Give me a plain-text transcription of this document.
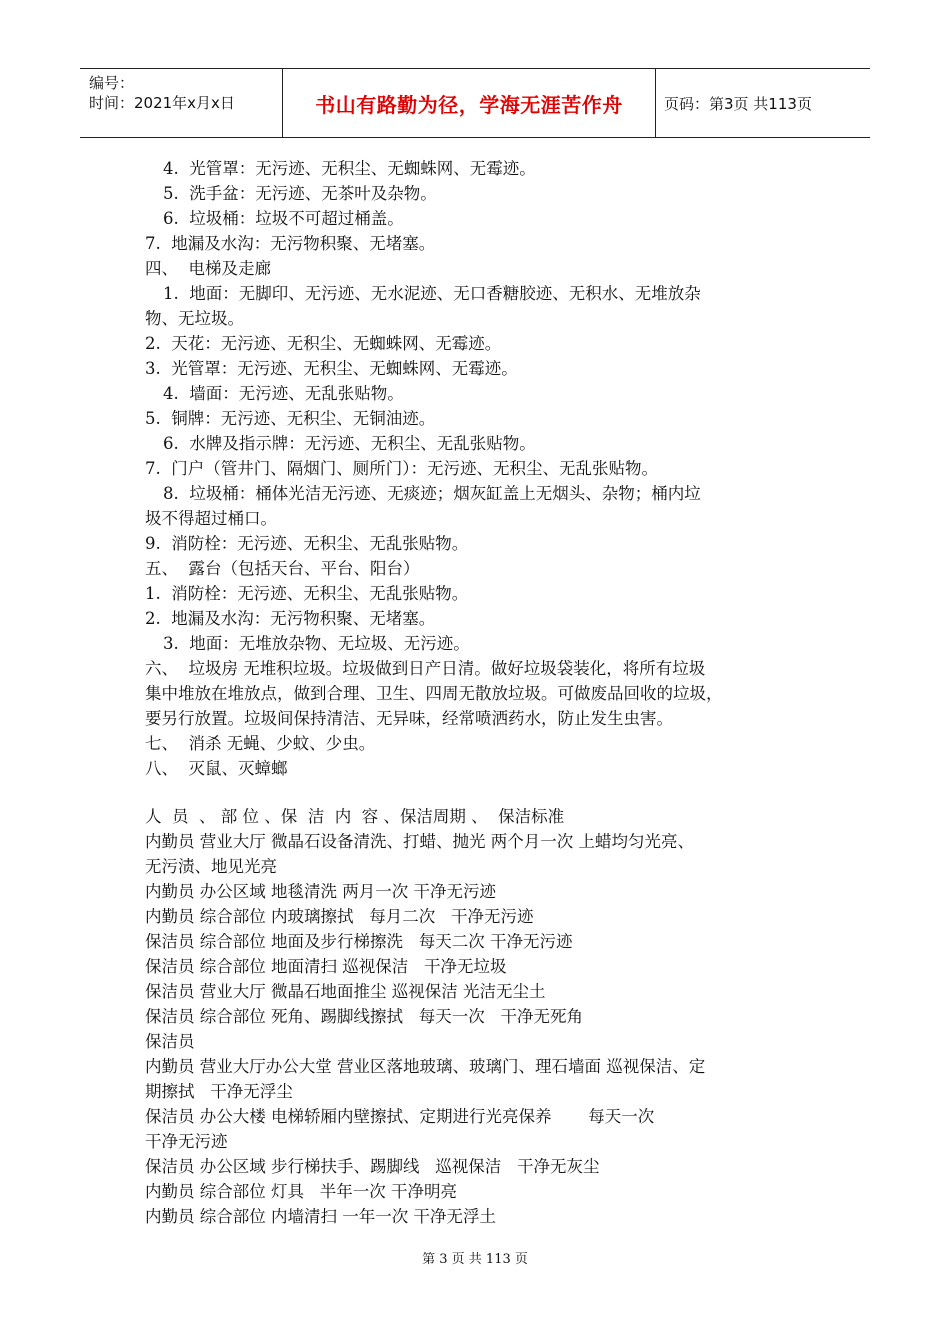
编号：
时间：2021年x月x日	书山有路勤为径，学海无涯苦作舟	页码：第3页 共113页
4.  光管罩：无污迹、无积尘、无蜘蛛网、无霉迹。
5.  洗手盆：无污迹、无茶叶及杂物。
6.  垃圾桶：垃圾不可超过桶盖。
7.  地漏及水沟：无污物积聚、无堵塞。
四、  电梯及走廊
1.  地面：无脚印、无污迹、无水泥迹、无口香糖胶迹、无积水、无堆放杂
物、无垃圾。
2.  天花：无污迹、无积尘、无蜘蛛网、无霉迹。
3.  光管罩：无污迹、无积尘、无蜘蛛网、无霉迹。
4.  墙面：无污迹、无乱张贴物。
5.  铜牌：无污迹、无积尘、无铜油迹。
6.  水牌及指示牌：无污迹、无积尘、无乱张贴物。
7.  门户（管井门、隔烟门、厕所门）：无污迹、无积尘、无乱张贴物。
8.  垃圾桶：桶体光洁无污迹、无痰迹；烟灰缸盖上无烟头、杂物；桶内垃
圾不得超过桶口。
9.  消防栓：无污迹、无积尘、无乱张贴物。
五、  露台（包括天台、平台、阳台）
1.  消防栓：无污迹、无积尘、无乱张贴物。
2.  地漏及水沟：无污物积聚、无堵塞。
3.  地面：无堆放杂物、无垃圾、无污迹。
六、  垃圾房 无堆积垃圾。垃圾做到日产日清。做好垃圾袋装化，将所有垃圾
集中堆放在堆放点，做到合理、卫生、四周无散放垃圾。可做废品回收的垃圾，
要另行放置。垃圾间保持清洁、无异味，经常喷洒药水，防止发生虫害。
七、  消杀 无蝇、少蚊、少虫。
八、  灭鼠、灭蟑螂
人  员  、 部 位 、保  洁  内  容 、保洁周期 、  保洁标准
内勤员 营业大厅 微晶石设备清洗、打蜡、抛光 两个月一次 上蜡均匀光亮、
无污渍、地见光亮
内勤员 办公区域 地毯清洗 两月一次 干净无污迹
内勤员 综合部位 内玻璃擦拭   每月二次   干净无污迹
保洁员 综合部位 地面及步行梯擦洗   每天二次 干净无污迹
保洁员 综合部位 地面清扫 巡视保洁   干净无垃圾
保洁员 营业大厅 微晶石地面推尘 巡视保洁 光洁无尘土
保洁员 综合部位 死角、踢脚线擦拭   每天一次   干净无死角
保洁员
内勤员 营业大厅办公大堂 营业区落地玻璃、玻璃门、理石墙面 巡视保洁、定
期擦拭   干净无浮尘
保洁员 办公大楼 电梯轿厢内壁擦拭、定期进行光亮保养       每天一次
干净无污迹
保洁员 办公区域 步行梯扶手、踢脚线   巡视保洁   干净无灰尘
内勤员 综合部位 灯具   半年一次 干净明亮
内勤员 综合部位 内墙清扫 一年一次 干净无浮土
第 3 页 共 113 页
